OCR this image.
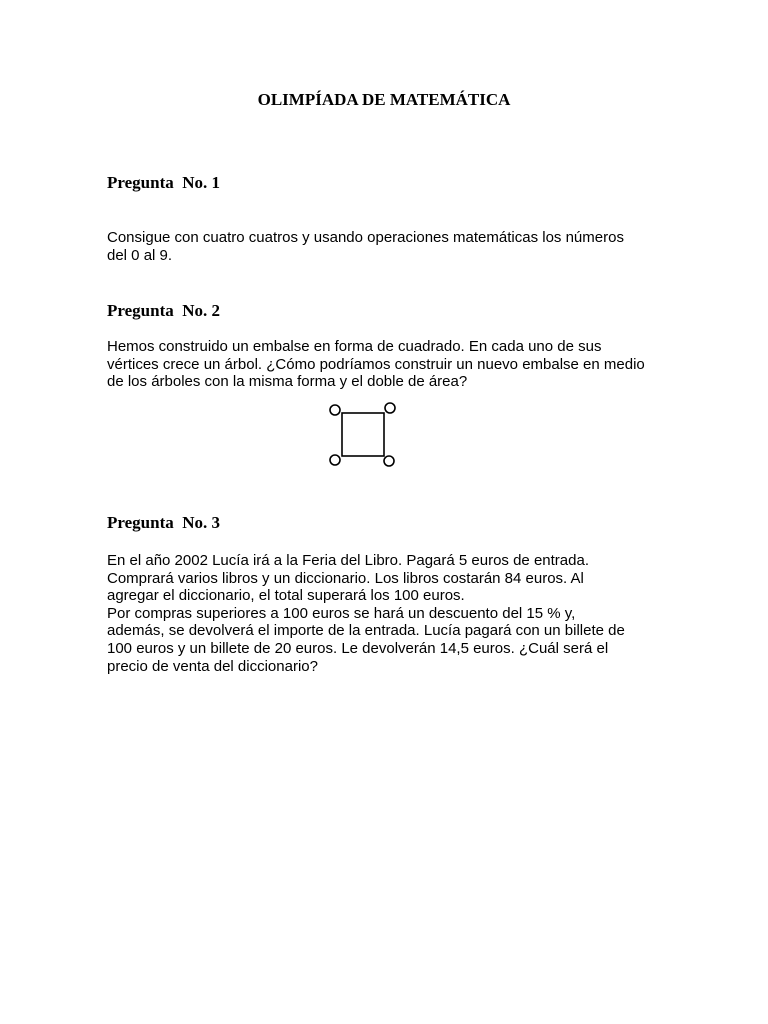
OLIMPÍADA DE MATEMÁTICA
Pregunta  No. 1
Consigue con cuatro cuatros y usando operaciones matemáticas los números
del 0 al 9.
Pregunta  No. 2
Hemos construido un embalse en forma de cuadrado. En cada uno de sus
vértices crece un árbol. ¿Cómo podríamos construir un nuevo embalse en medio
de los árboles con la misma forma y el doble de área?
Pregunta  No. 3
En el año 2002 Lucía irá a la Feria del Libro. Pagará 5 euros de entrada.
Comprará varios libros y un diccionario. Los libros costarán 84 euros. Al
agregar el diccionario, el total superará los 100 euros.
Por compras superiores a 100 euros se hará un descuento del 15 % y,
además, se devolverá el importe de la entrada. Lucía pagará con un billete de
100 euros y un billete de 20 euros. Le devolverán 14,5 euros. ¿Cuál será el
precio de venta del diccionario?
